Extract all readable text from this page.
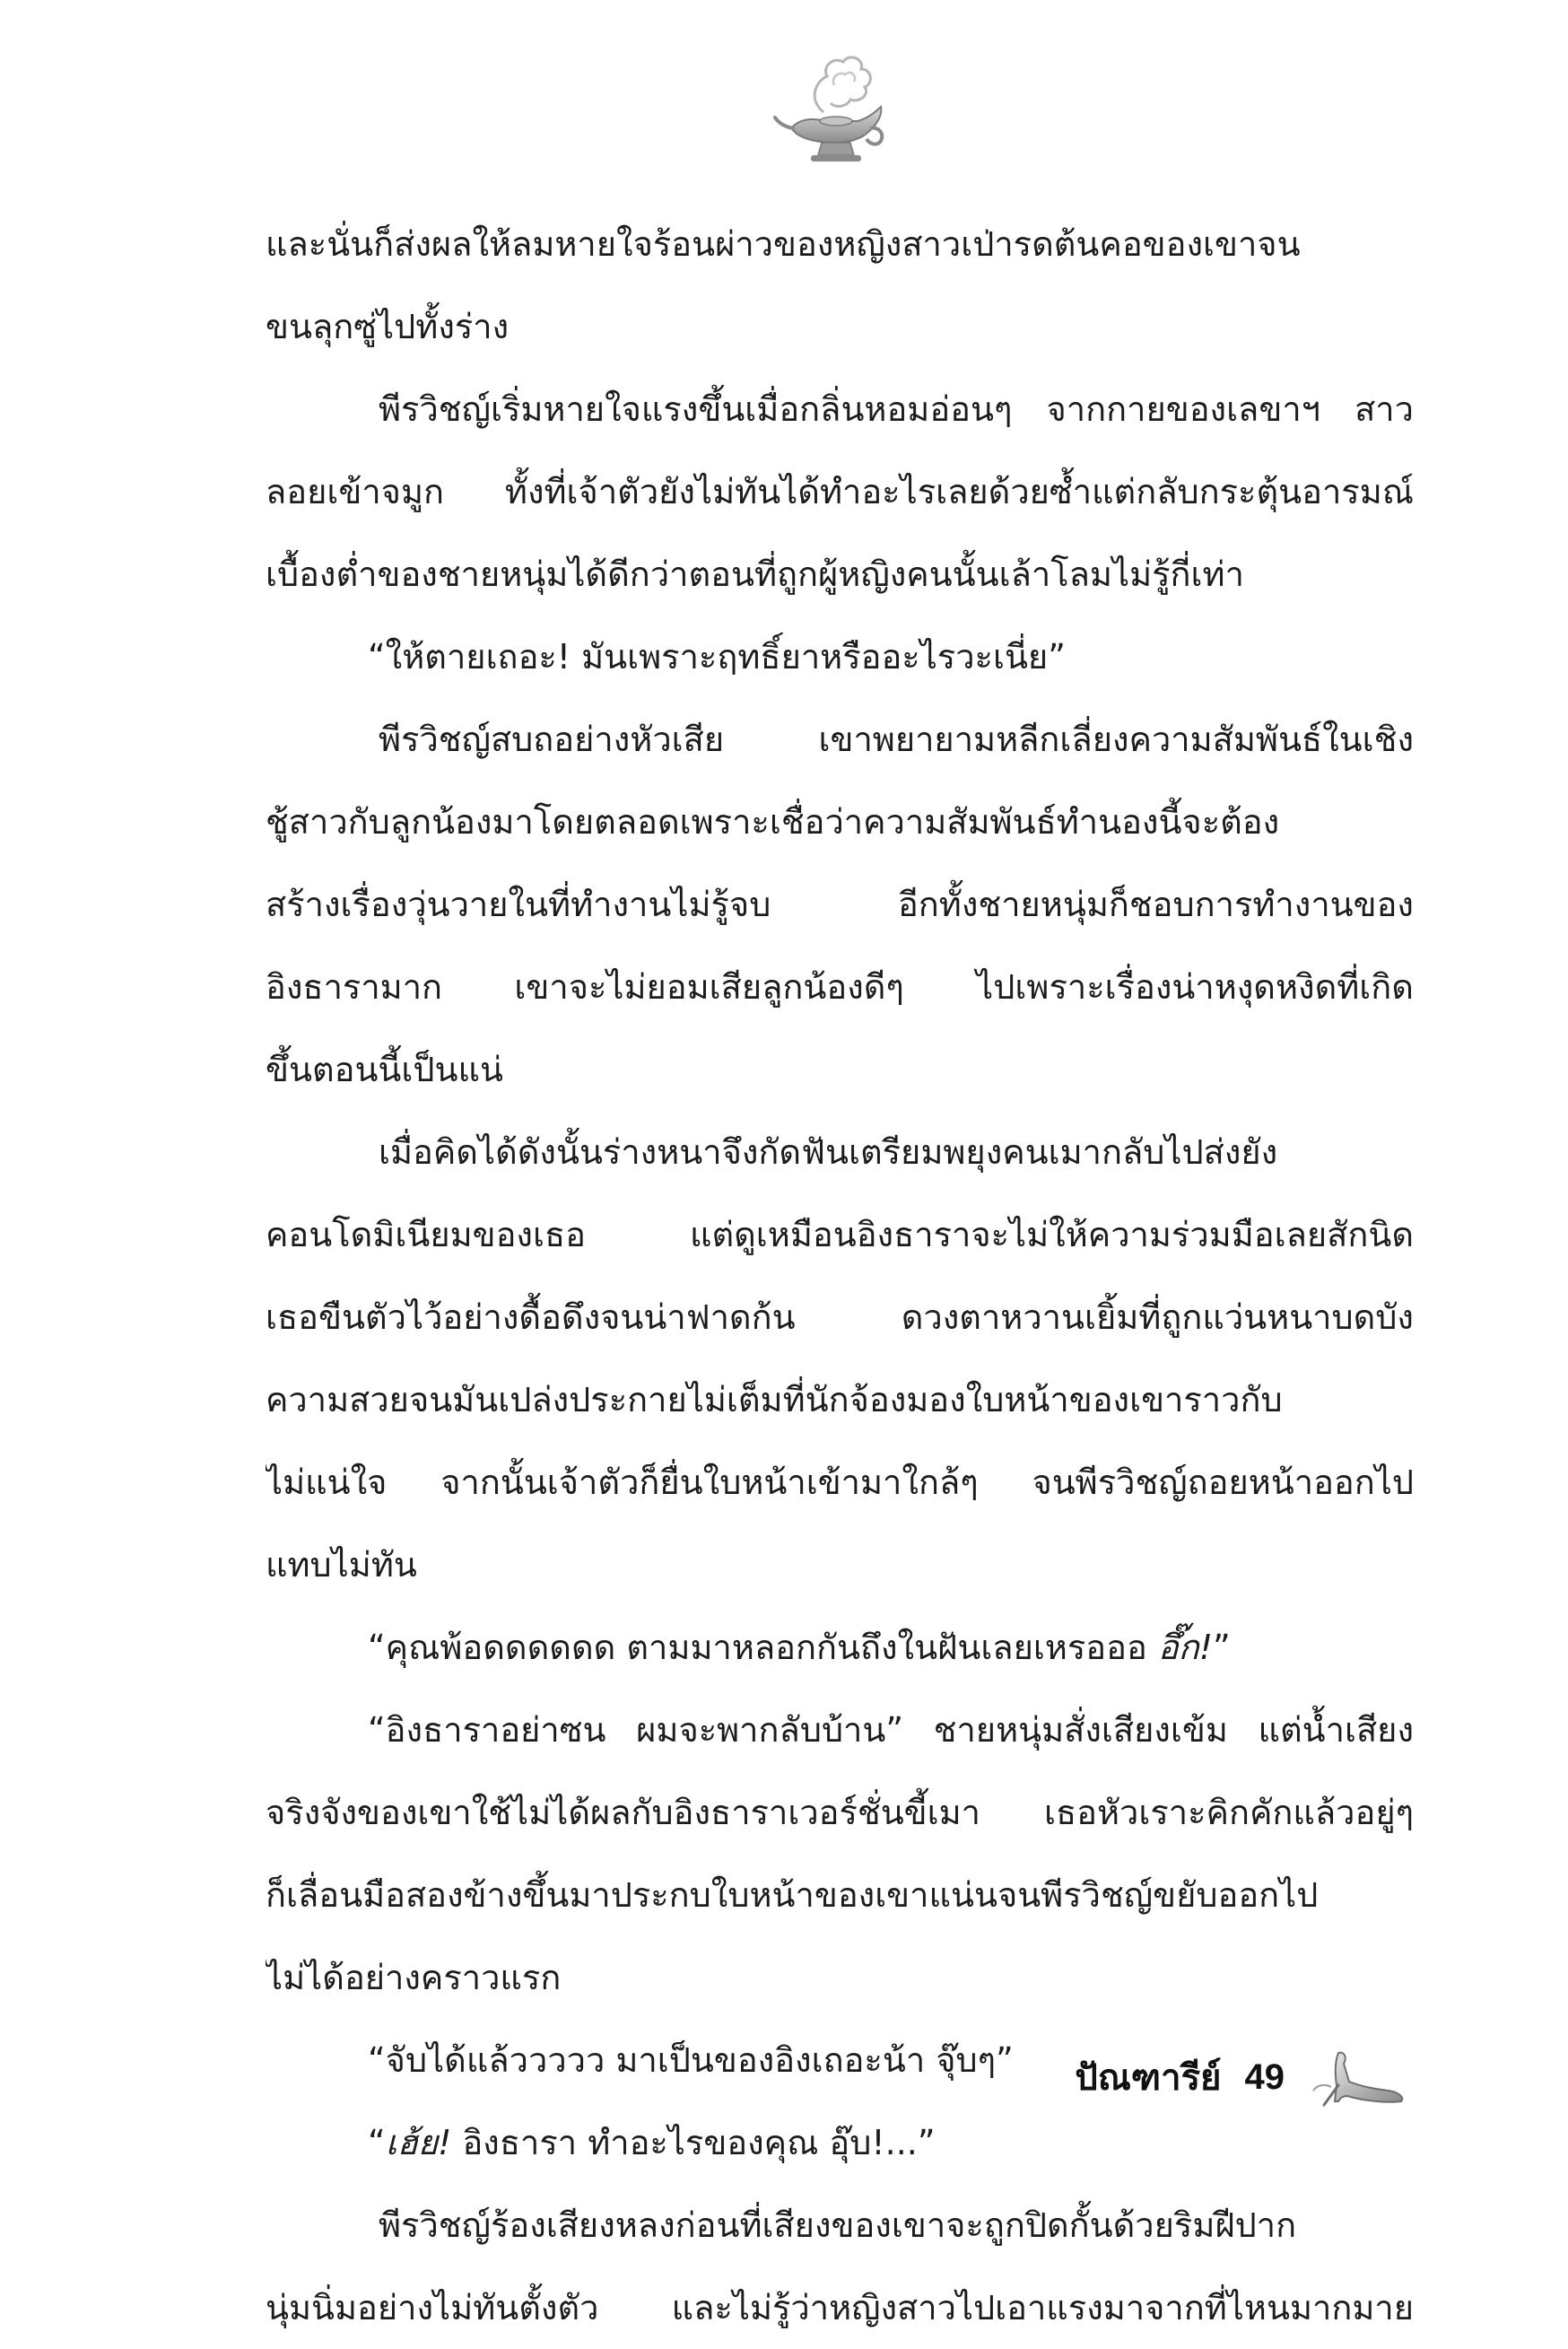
และนั่นก็ส่งผลให้ลมหายใจร้อนผ่าวของหญิงสาวเป่ารดต้นคอของเขาจน
ขนลุกซู่ไปทั้งร่าง
พีรวิชญ์เริ่มหายใจแรงขึ้นเมื่อกลิ่นหอมอ่อนๆ จากกายของเลขาฯ สาว
ลอยเข้าจมูก ทั้งที่เจ้าตัวยังไม่ทันได้ทำอะไรเลยด้วยซ้ำแต่กลับกระตุ้นอารมณ์
เบื้องต่ำของชายหนุ่มได้ดีกว่าตอนที่ถูกผู้หญิงคนนั้นเล้าโลมไม่รู้กี่เท่า
“ให้ตายเถอะ! มันเพราะฤทธิ์ยาหรืออะไรวะเนี่ย”
พีรวิชญ์สบถอย่างหัวเสีย เขาพยายามหลีกเลี่ยงความสัมพันธ์ในเชิง
ชู้สาวกับลูกน้องมาโดยตลอดเพราะเชื่อว่าความสัมพันธ์ทำนองนี้จะต้อง
สร้างเรื่องวุ่นวายในที่ทำงานไม่รู้จบ อีกทั้งชายหนุ่มก็ชอบการทำงานของ
อิงธารามาก เขาจะไม่ยอมเสียลูกน้องดีๆ ไปเพราะเรื่องน่าหงุดหงิดที่เกิด
ขึ้นตอนนี้เป็นแน่
เมื่อคิดได้ดังนั้นร่างหนาจึงกัดฟันเตรียมพยุงคนเมากลับไปส่งยัง
คอนโดมิเนียมของเธอ แต่ดูเหมือนอิงธาราจะไม่ให้ความร่วมมือเลยสักนิด
เธอขืนตัวไว้อย่างดื้อดึงจนน่าฟาดก้น ดวงตาหวานเยิ้มที่ถูกแว่นหนาบดบัง
ความสวยจนมันเปล่งประกายไม่เต็มที่นักจ้องมองใบหน้าของเขาราวกับ
ไม่แน่ใจ จากนั้นเจ้าตัวก็ยื่นใบหน้าเข้ามาใกล้ๆ จนพีรวิชญ์ถอยหน้าออกไป
แทบไม่ทัน
“คุณพ้อดดดดดด ตามมาหลอกกันถึงในฝันเลยเหรอออ อึ๊ก!”
“อิงธาราอย่าซน ผมจะพากลับบ้าน” ชายหนุ่มสั่งเสียงเข้ม แต่น้ำเสียง
จริงจังของเขาใช้ไม่ได้ผลกับอิงธาราเวอร์ชั่นขี้เมา เธอหัวเราะคิกคักแล้วอยู่ๆ
ก็เลื่อนมือสองข้างขึ้นมาประกบใบหน้าของเขาแน่นจนพีรวิชญ์ขยับออกไป
ไม่ได้อย่างคราวแรก
“จับได้แล้ววววว มาเป็นของอิงเถอะน้า จุ๊บๆ”
“เฮ้ย! อิงธารา ทำอะไรของคุณ อุ๊บ!...”
พีรวิชญ์ร้องเสียงหลงก่อนที่เสียงของเขาจะถูกปิดกั้นด้วยริมฝีปาก
นุ่มนิ่มอย่างไม่ทันตั้งตัว และไม่รู้ว่าหญิงสาวไปเอาแรงมาจากที่ไหนมากมาย
ปัณฑารีย์ 49
